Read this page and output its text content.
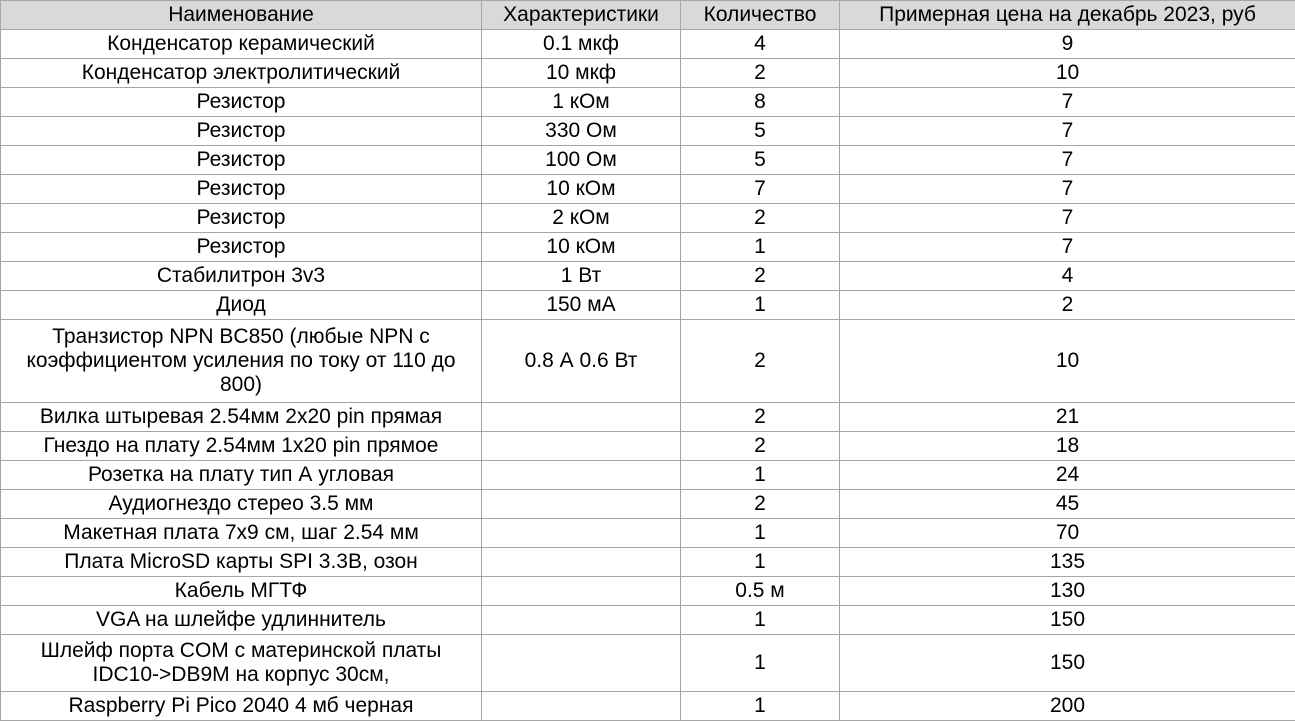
Наименование	Характеристики	Количество	Примерная цена на декабрь 2023, руб
Конденсатор керамический	0.1 мкф	4	9
Конденсатор электролитический	10 мкф	2	10
Резистор	1 кОм	8	7
Резистор	330 Ом	5	7
Резистор	100 Ом	5	7
Резистор	10 кОм	7	7
Резистор	2 кОм	2	7
Резистор	10 кОм	1	7
Стабилитрон 3v3	1 Вт	2	4
Диод	150 мА	1	2
Транзистор NPN BC850 (любые NPN с коэффициентом усиления по току от 110 до 800)	0.8 А 0.6 Вт	2	10
Вилка штыревая 2.54мм 2x20 pin прямая		2	21
Гнездо на плату 2.54мм 1x20 pin прямое		2	18
Розетка на плату тип А угловая		1	24
Аудиогнездо стерео 3.5 мм		2	45
Макетная плата 7x9 см, шаг 2.54 мм		1	70
Плата MicroSD карты SPI 3.3В, озон		1	135
Кабель МГТФ		0.5 м	130
VGA на шлейфе удлиннитель		1	150
Шлейф порта COM с материнской платы IDC10->DB9M на корпус 30см,		1	150
Raspberry Pi Pico 2040 4 мб черная		1	200
